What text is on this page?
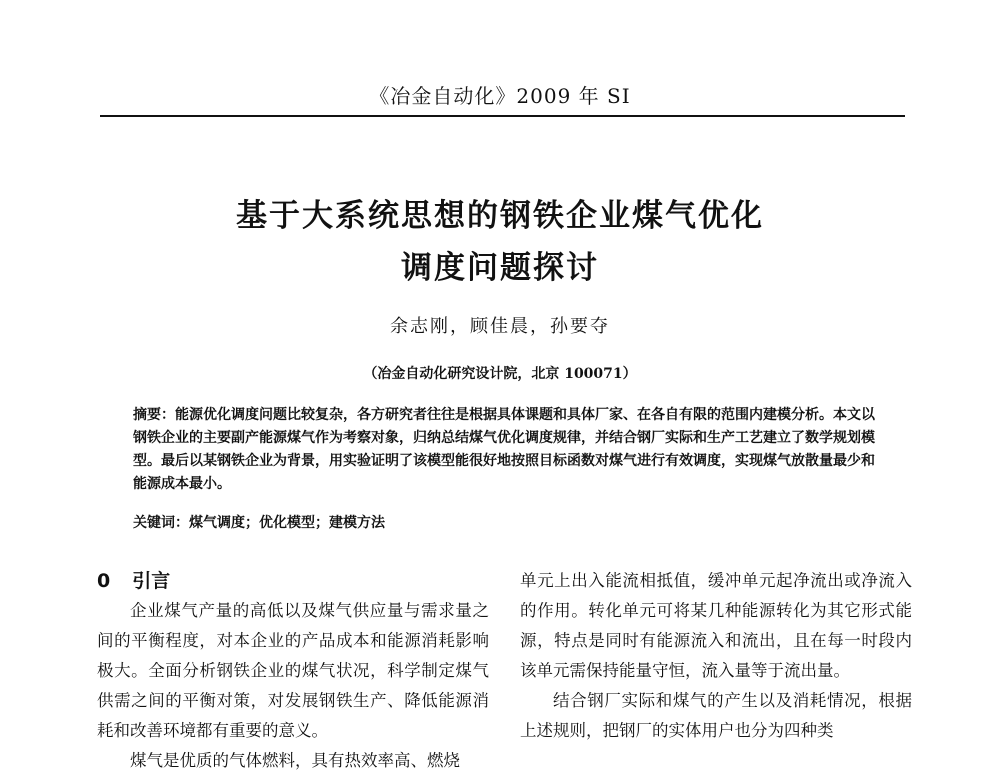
《冶金自动化》2009 年 SI
基于大系统思想的钢铁企业煤气优化
调度问题探讨
余志刚，顾佳晨，孙要夺
（冶金自动化研究设计院，北京 100071）
摘要：能源优化调度问题比较复杂，各方研究者往往是根据具体课题和具体厂家、在各自有限的范围内建模分析。本文以钢铁企业的主要副产能源煤气作为考察对象，归纳总结煤气优化调度规律，并结合钢厂实际和生产工艺建立了数学规划模型。最后以某钢铁企业为背景，用实验证明了该模型能很好地按照目标函数对煤气进行有效调度，实现煤气放散量最少和能源成本最小。
关键词：煤气调度；优化模型；建模方法
0 引言
企业煤气产量的高低以及煤气供应量与需求量之间的平衡程度，对本企业的产品成本和能源消耗影响极大。全面分析钢铁企业的煤气状况，科学制定煤气供需之间的平衡对策，对发展钢铁生产、降低能源消耗和改善环境都有重要的意义。
煤气是优质的气体燃料，具有热效率高、燃烧
单元上出入能流相抵值，缓冲单元起净流出或净流入的作用。转化单元可将某几种能源转化为其它形式能源，特点是同时有能源流入和流出，且在每一时段内该单元需保持能量守恒，流入量等于流出量。
结合钢厂实际和煤气的产生以及消耗情况，根据上述规则，把钢厂的实体用户也分为四种类
